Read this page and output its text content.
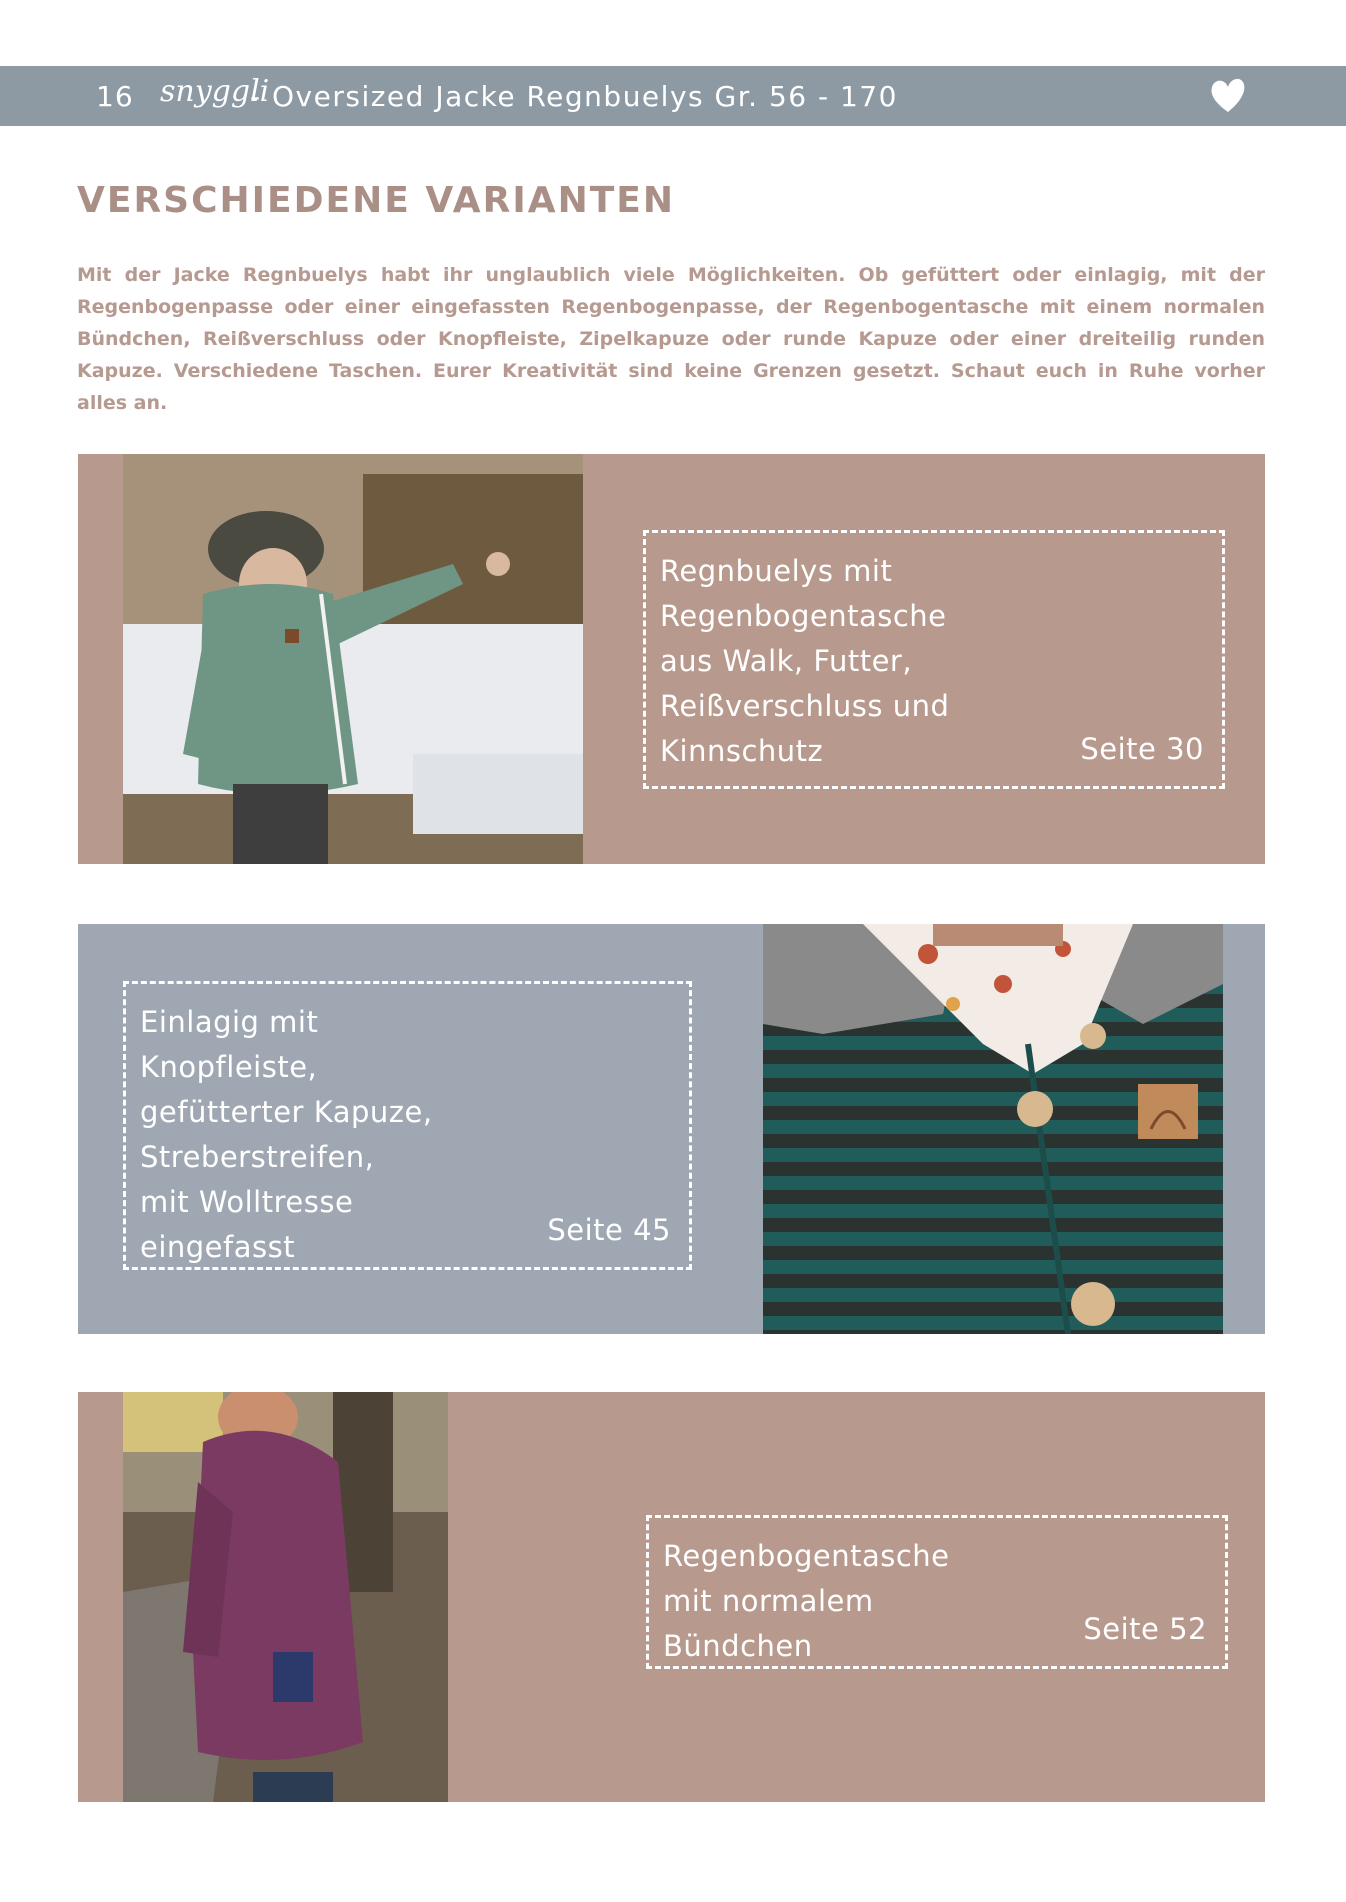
16 snyggli
- Oversized Jacke Regnbuelys Gr. 56 - 170
VERSCHIEDENE VARIANTEN
Mit der Jacke Regnbuelys habt ihr unglaublich viele Möglichkeiten. Ob gefüttert oder einlagig, mit der Regenbogenpasse oder einer eingefassten Regenbogenpasse, der Regenbogentasche mit einem normalen Bündchen, Reißverschluss oder Knopfleiste, Zipelkapuze oder runde Kapuze oder einer dreiteilig runden Kapuze. Verschiedene Taschen. Eurer Kreativität sind keine Grenzen gesetzt. Schaut euch in Ruhe vorher alles an.
Regnbuelys mit
Regenbogentasche
aus Walk, Futter,
Reißverschluss und
Kinnschutz	Seite 30
Einlagig mit
Knopfleiste,
gefütterter Kapuze,
Streberstreifen,
mit Wolltresse
eingefasst	Seite 45
Regenbogentasche
mit normalem
Bündchen	Seite 52
